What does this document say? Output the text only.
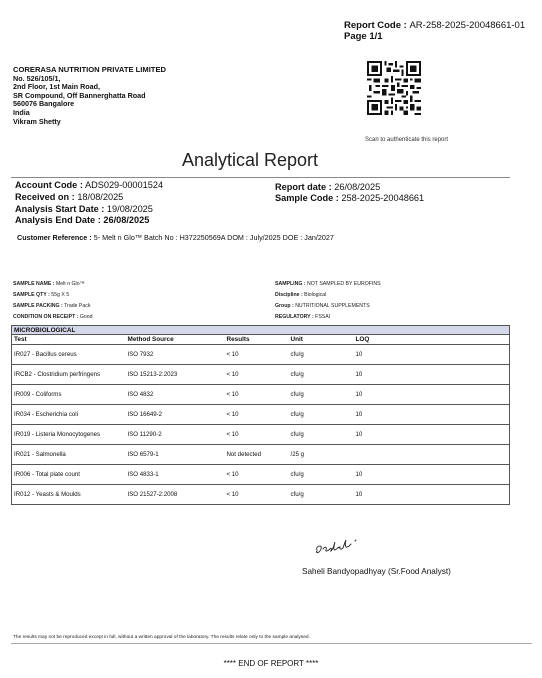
Report Code : AR-258-2025-20048661-01
Page 1/1
CORERASA NUTRITION PRIVATE LIMITED
No. 526/105/1,
2nd Floor, 1st Main Road,
SR Compound, Off Bannerghatta Road
560076 Bangalore
India
Vikram Shetty
Scan to authenticate this report
Analytical Report
Account Code : ADS029-00001524
Received on : 18/08/2025
Analysis Start Date : 19/08/2025
Analysis End Date : 26/08/2025
Report date : 26/08/2025
Sample Code : 258-2025-20048661
Customer Reference : 5- Melt n Glo™ Batch No : H372250569A DOM : July/2025 DOE : Jan/2027
SAMPLE NAME : Melt n Glo™
SAMPLE QTY : 55g X 5
SAMPLE PACKING : Trade Pack
CONDITION ON RECEIPT : Good
SAMPLING : NOT SAMPLED BY EUROFINS
Discipline : Biological
Group : NUTRITIONAL SUPPLEMENTS
REGULATORY : FSSAI
MICROBIOLOGICAL				
Test	Method Source	Results	Unit	LOQ
IR027 - Bacillus cereus	ISO 7932	< 10	cfu/g	10
IRCB2 - Clostridium perfringens	ISO 15213-2:2023	< 10	cfu/g	10
IR009 - Coliforms	ISO 4832	< 10	cfu/g	10
IR034 - Escherichia coli	ISO 16649-2	< 10	cfu/g	10
IR019 - Listeria Monocytogenes	ISO 11290-2	< 10	cfu/g	10
IR021 - Salmonella	ISO 6579-1	Not detected	/25 g	
IR006 - Total plate count	ISO 4833-1	< 10	cfu/g	10
IR012 - Yeasts & Moulds	ISO 21527-2:2008	< 10	cfu/g	10
Saheli Bandyopadhyay (Sr.Food Analyst)
The results may not be reproduced except in full, without a written approval of the laboratory. The results relate only to the sample analysed.
**** END OF REPORT ****
